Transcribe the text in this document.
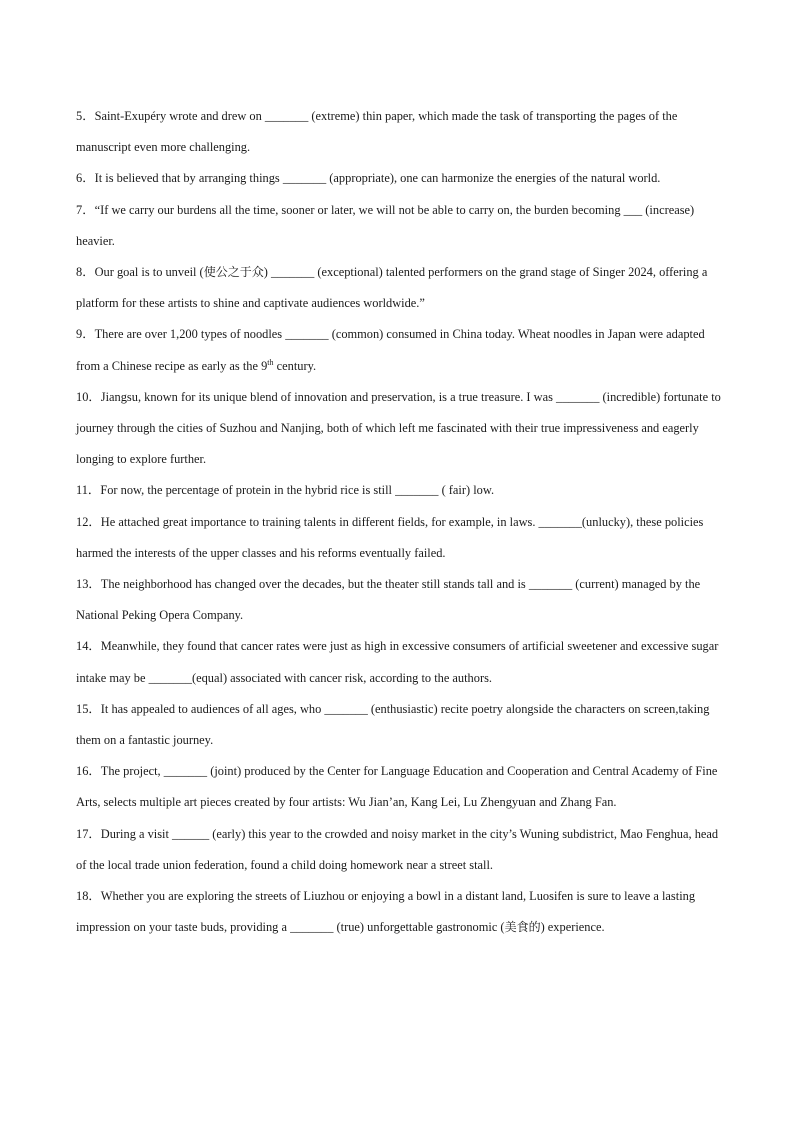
5．Saint-Exupéry wrote and drew on _______ (extreme) thin paper, which made the task of transporting the pages of the manuscript even more challenging.

6．It is believed that by arranging things _______ (appropriate), one can harmonize the energies of the natural world.

7．“If we carry our burdens all the time, sooner or later, we will not be able to carry on, the burden becoming ___ (increase) heavier.

8．Our goal is to unveil (使公之于众) _______ (exceptional) talented performers on the grand stage of Singer 2024, offering a platform for these artists to shine and captivate audiences worldwide.”

9．There are over 1,200 types of noodles _______ (common) consumed in China today. Wheat noodles in Japan were adapted from a Chinese recipe as early as the 9th century.

10．Jiangsu, known for its unique blend of innovation and preservation, is a true treasure. I was _______ (incredible) fortunate to journey through the cities of Suzhou and Nanjing, both of which left me fascinated with their true impressiveness and eagerly longing to explore further.

11．For now, the percentage of protein in the hybrid rice is still _______ ( fair) low.

12．He attached great importance to training talents in different fields, for example, in laws. _______(unlucky), these policies harmed the interests of the upper classes and his reforms eventually failed.

13．The neighborhood has changed over the decades, but the theater still stands tall and is _______ (current) managed by the National Peking Opera Company.

14．Meanwhile, they found that cancer rates were just as high in excessive consumers of artificial sweetener and excessive sugar intake may be _______(equal) associated with cancer risk, according to the authors.

15．It has appealed to audiences of all ages, who _______ (enthusiastic) recite poetry alongside the characters on screen,taking them on a fantastic journey.

16．The project, _______ (joint) produced by the Center for Language Education and Cooperation and Central Academy of Fine Arts, selects multiple art pieces created by four artists: Wu Jian’an, Kang Lei, Lu Zhengyuan and Zhang Fan.

17．During a visit ______ (early) this year to the crowded and noisy market in the city’s Wuning subdistrict, Mao Fenghua, head of the local trade union federation, found a child doing homework near a street stall.

18．Whether you are exploring the streets of Liuzhou or enjoying a bowl in a distant land, Luosifen is sure to leave a lasting impression on your taste buds, providing a _______ (true) unforgettable gastronomic (美食的) experience.
